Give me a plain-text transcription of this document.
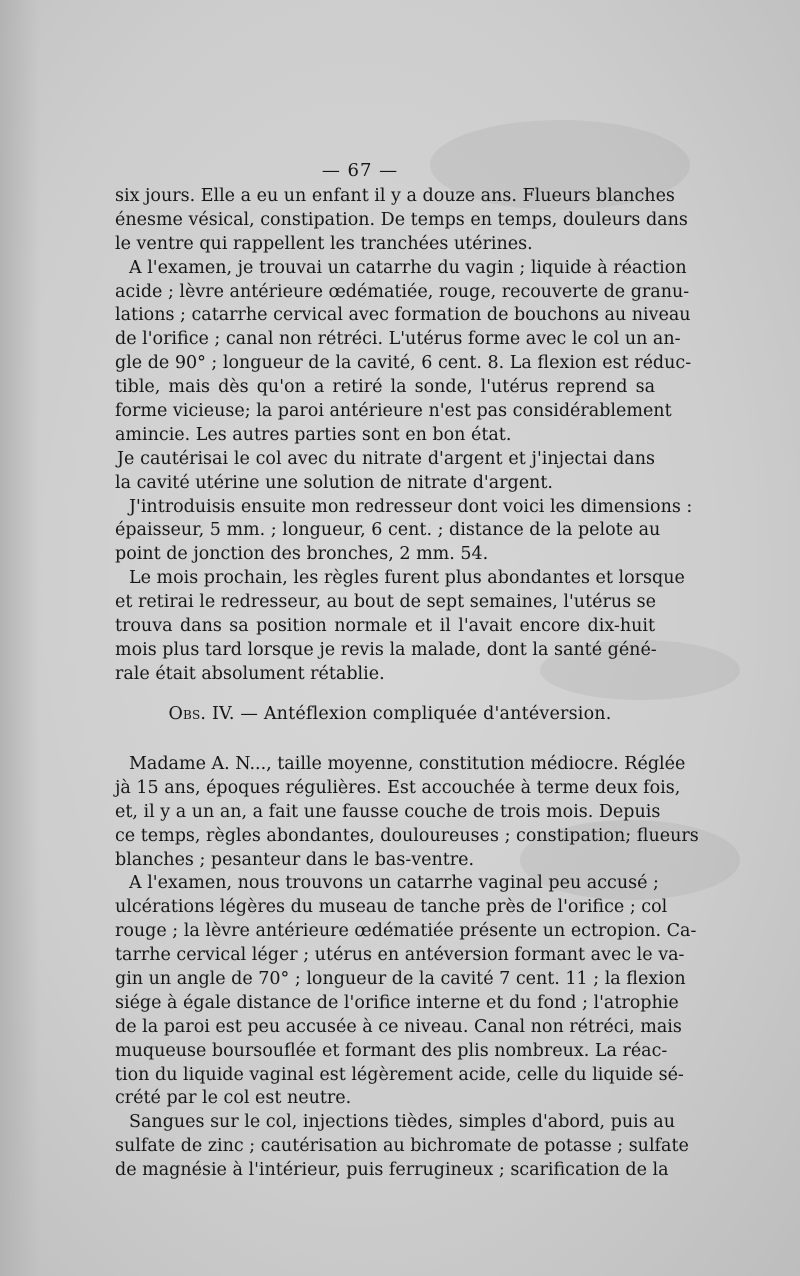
— 67 —
six jours. Elle a eu un enfant il y a douze ans. Flueurs blanches
énesme vésical, constipation. De temps en temps, douleurs dans
le ventre qui rappellent les tranchées utérines.
A l'examen, je trouvai un catarrhe du vagin ; liquide à réaction
acide ; lèvre antérieure œdématiée, rouge, recouverte de granu-
lations ; catarrhe cervical avec formation de bouchons au niveau
de l'orifice ; canal non rétréci. L'utérus forme avec le col un an-
gle de 90° ; longueur de la cavité, 6 cent. 8. La flexion est réduc-
tible, mais dès qu'on a retiré la sonde, l'utérus reprend sa
forme vicieuse; la paroi antérieure n'est pas considérablement
amincie. Les autres parties sont en bon état.
Je cautérisai le col avec du nitrate d'argent et j'injectai dans
la cavité utérine une solution de nitrate d'argent.
J'introduisis ensuite mon redresseur dont voici les dimensions :
épaisseur, 5 mm. ; longueur, 6 cent. ; distance de la pelote au
point de jonction des bronches, 2 mm. 54.
Le mois prochain, les règles furent plus abondantes et lorsque
et retirai le redresseur, au bout de sept semaines, l'utérus se
trouva dans sa position normale et il l'avait encore dix-huit
mois plus tard lorsque je revis la malade, dont la santé géné-
rale était absolument rétablie.
Obs. IV. — Antéflexion compliquée d'antéversion.
Madame A. N..., taille moyenne, constitution médiocre. Réglée
jà 15 ans, époques régulières. Est accouchée à terme deux fois,
et, il y a un an, a fait une fausse couche de trois mois. Depuis
ce temps, règles abondantes, douloureuses ; constipation; flueurs
blanches ; pesanteur dans le bas-ventre.
A l'examen, nous trouvons un catarrhe vaginal peu accusé ;
ulcérations légères du museau de tanche près de l'orifice ; col
rouge ; la lèvre antérieure œdématiée présente un ectropion. Ca-
tarrhe cervical léger ; utérus en antéversion formant avec le va-
gin un angle de 70° ; longueur de la cavité 7 cent. 11 ; la flexion
siége à égale distance de l'orifice interne et du fond ; l'atrophie
de la paroi est peu accusée à ce niveau. Canal non rétréci, mais
muqueuse boursouflée et formant des plis nombreux. La réac-
tion du liquide vaginal est légèrement acide, celle du liquide sé-
crété par le col est neutre.
Sangues sur le col, injections tièdes, simples d'abord, puis au
sulfate de zinc ; cautérisation au bichromate de potasse ; sulfate
de magnésie à l'intérieur, puis ferrugineux ; scarification de la
